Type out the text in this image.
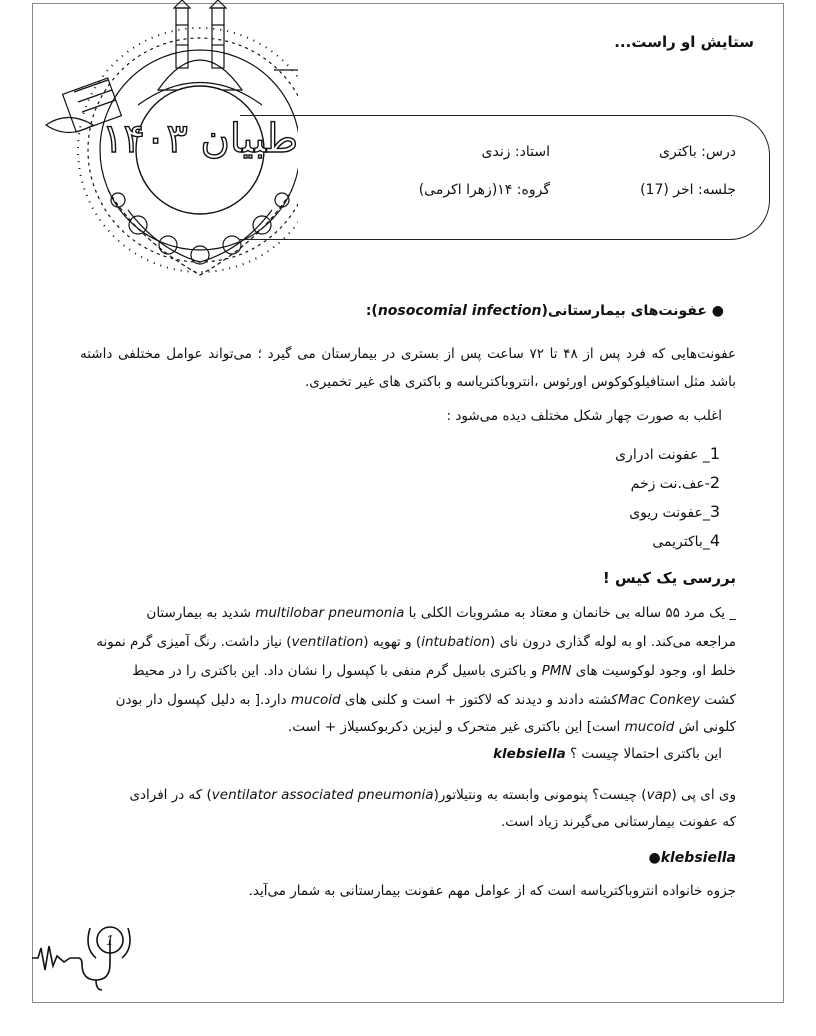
طبیان ۱۴۰۳
ستایش او راست...
درس: باکتری
استاد: زندی
جلسه: اخر (17)
گروه: ۱۴(زهرا اکرمی)
● عفونت‌های بیمارستانی(nosocomial infection):
عفونت‌هایی که فرد پس از ۴۸ تا ۷۲ ساعت پس از بستری در بیمارستان می گیرد ؛ می‌تواند عوامل مختلفی داشته باشد مثل استافیلوکوکوس اورئوس ،انتروباکتریاسه و باکتری های غیر تخمیری.
اغلب به صورت چهار شکل مختلف دیده می‌شود :
1_ عفونت ادراری
2-عف.نت زخم
3_عفونت ریوی
4_باکتریمی
بررسی یک کیس !
_ یک مرد ۵۵ ساله بی خانمان و معتاد به مشروبات الکلی با multilobar pneumonia شدید به بیمارستان
مراجعه می‌کند. او به لوله گذاری درون نای (intubation) و تهویه (ventilation) نیاز داشت. رنگ آمیزی گرم نمونه
خلط او، وجود لوکوسیت های PMN و باکتری باسیل گرم منفی با کپسول را نشان داد. این باکتری را در محیط
کشت Mac Conkeyکشته دادند و دیدند که لاکتوز + است و کلنی های mucoid دارد.[ به دلیل کپسول دار بودن
کلونی اش mucoid است] این باکتری غیر متحرک و لیزین دکربوکسیلاز + است.
این باکتری احتمالا چیست ؟ klebsiella
وی ای پی (vap) چیست؟ پنومونی وابسته به ونتیلاتور(ventilator associated pneumonia) که در افرادی
که عفونت بیمارستانی می‌گیرند زیاد است.
klebsiella●
جزوه خانواده انتروباکتریاسه است که از عوامل مهم عفونت بیمارستانی به شمار می‌آید.
1
